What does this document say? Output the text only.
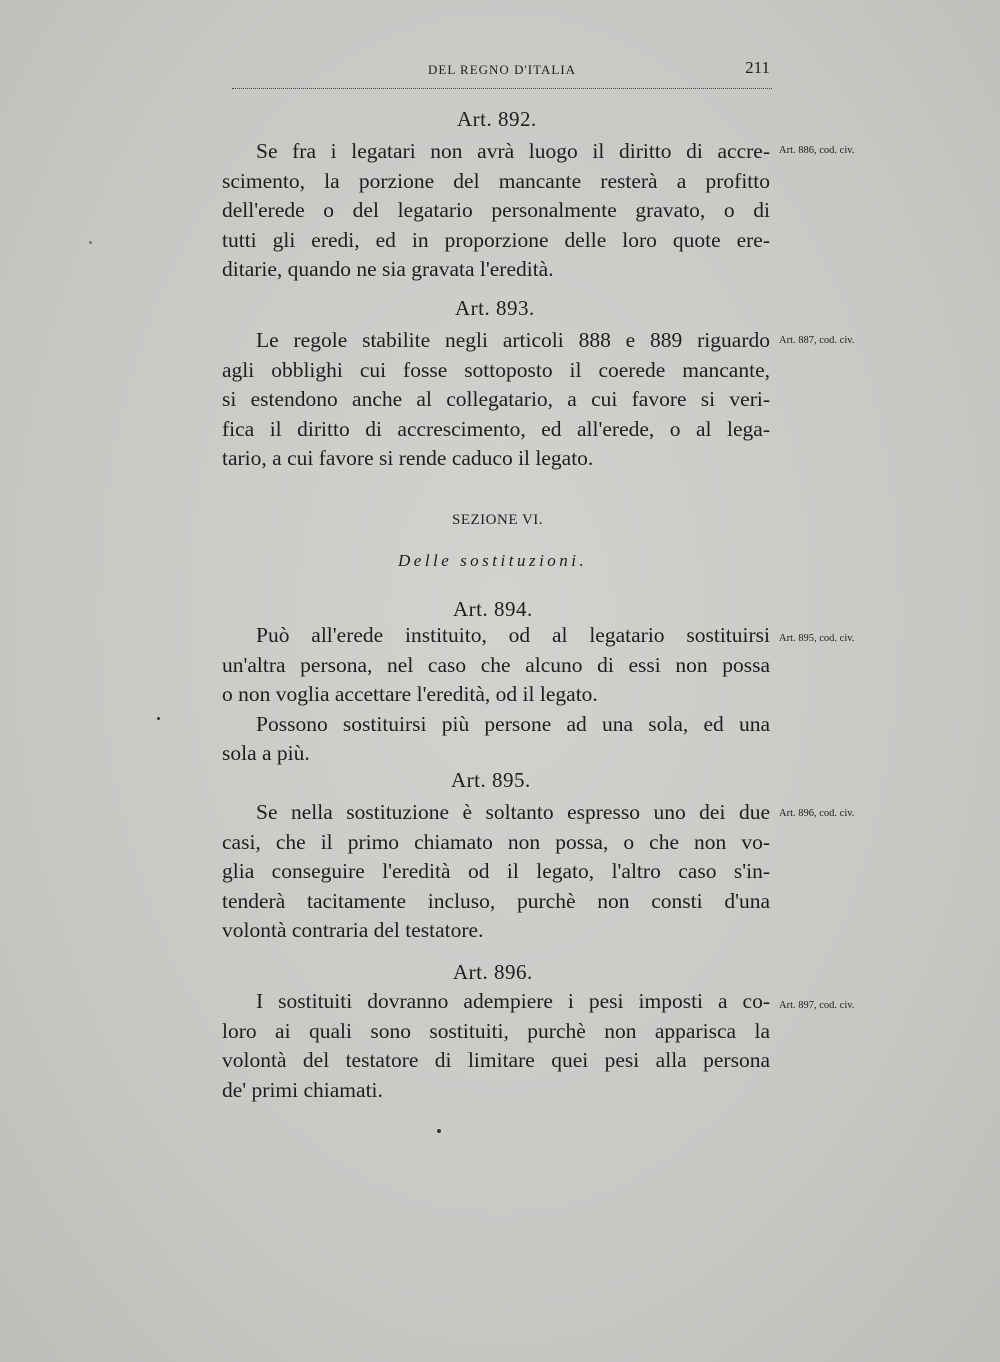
DEL REGNO D'ITALIA	211
Art. 892.
Art. 886, cod. civ.
Se fra i legatari non avrà luogo il diritto di accre-
scimento, la porzione del mancante resterà a profitto
dell'erede o del legatario personalmente gravato, o di
tutti gli eredi, ed in proporzione delle loro quote ere-
ditarie, quando ne sia gravata l'eredità.
Art. 893.
Art. 887, cod. civ.
Le regole stabilite negli articoli 888 e 889 riguardo
agli obblighi cui fosse sottoposto il coerede mancante,
si estendono anche al collegatario, a cui favore si veri-
fica il diritto di accrescimento, ed all'erede, o al lega-
tario, a cui favore si rende caduco il legato.
SEZIONE VI.
Delle sostituzioni.
Art. 894.
Art. 895, cod. civ.
Può all'erede instituito, od al legatario sostituirsi
un'altra persona, nel caso che alcuno di essi non possa
o non voglia accettare l'eredità, od il legato.
Possono sostituirsi più persone ad una sola, ed una
sola a più.
Art. 895.
Art. 896, cod. civ.
Se nella sostituzione è soltanto espresso uno dei due
casi, che il primo chiamato non possa, o che non vo-
glia conseguire l'eredità od il legato, l'altro caso s'in-
tenderà tacitamente incluso, purchè non consti d'una
volontà contraria del testatore.
Art. 896.
Art. 897, cod. civ.
I sostituiti dovranno adempiere i pesi imposti a co-
loro ai quali sono sostituiti, purchè non apparisca la
volontà del testatore di limitare quei pesi alla persona
de' primi chiamati.
